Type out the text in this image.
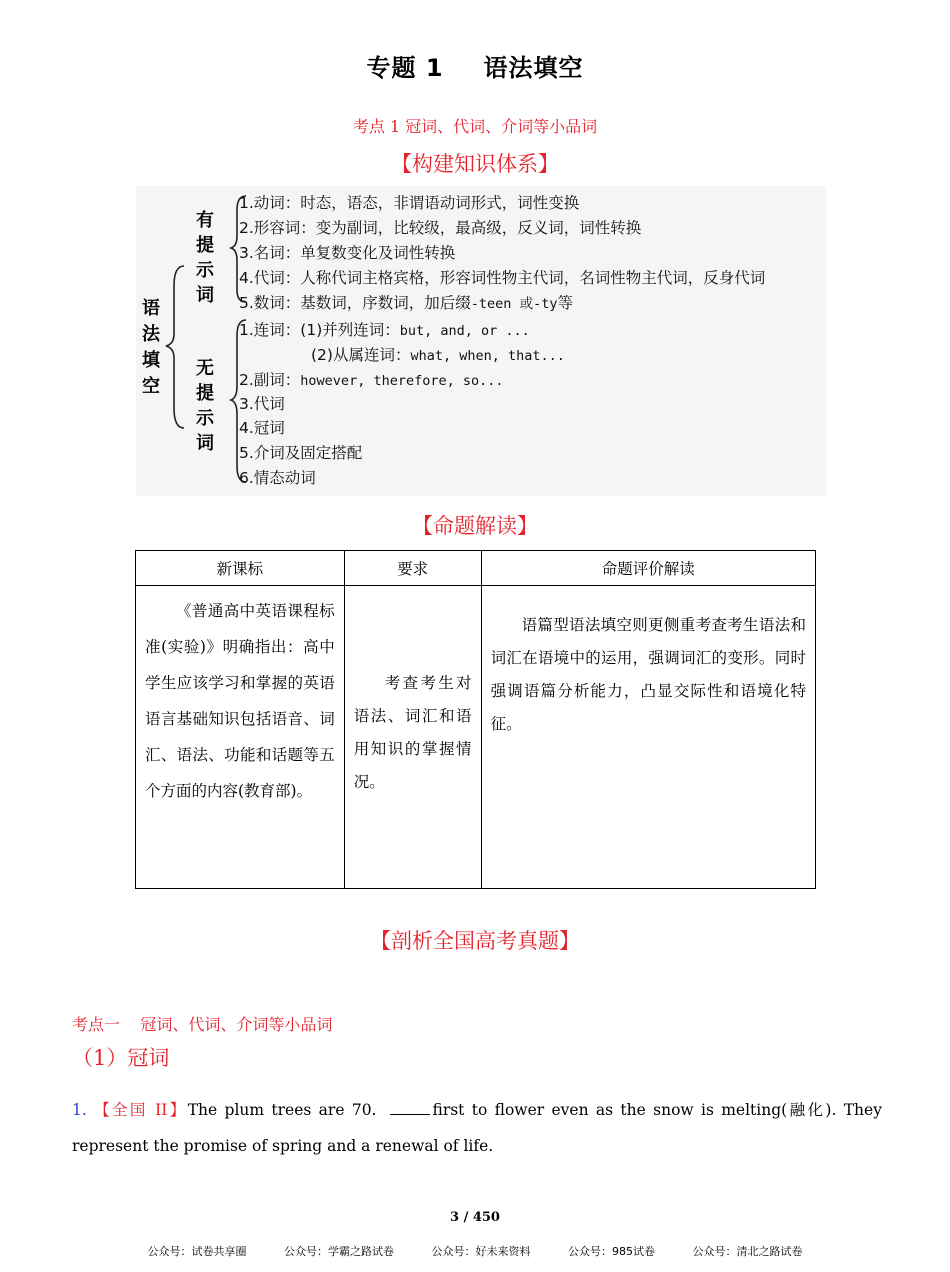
专题 1 语法填空
考点 1 冠词、代词、介词等小品词
【构建知识体系】
语法填空
有提示词
无提示词
1.动词：时态，语态，非谓语动词形式，词性变换
2.形容词：变为副词，比较级，最高级，反义词，词性转换
3.名词：单复数变化及词性转换
4.代词：人称代词主格宾格，形容词性物主代词，名词性物主代词，反身代词
5.数词：基数词，序数词，加后缀-teen 或-ty等
1.连词：(1)并列连词：but, and, or ...
(2)从属连词：what, when, that...
2.副词：however, therefore, so...
3.代词
4.冠词
5.介词及固定搭配
6.情态动词
【命题解读】
新课标	要求	命题评价解读

《普通高中英语课程标准(实验)》明确指出：高中学生应该学习和掌握的英语语言基础知识包括语音、词汇、语法、功能和话题等五个方面的内容(教育部)。	考查考生对语法、词汇和语用知识的掌握情况。	语篇型语法填空则更侧重考查考生语法和词汇在语境中的运用，强调词汇的变形。同时强调语篇分析能力，凸显交际性和语境化特征。
【剖析全国高考真题】
考点一    冠词、代词、介词等小品词
（1）冠词
1. 【全国 II】The plum trees are 70.	first to flower even as the snow is melting(融化). They represent the promise of spring and a renewal of life.
3 / 450
公众号：试卷共享圈	公众号：学霸之路试卷	公众号：好未来资料	公众号：985试卷	公众号：清北之路试卷
